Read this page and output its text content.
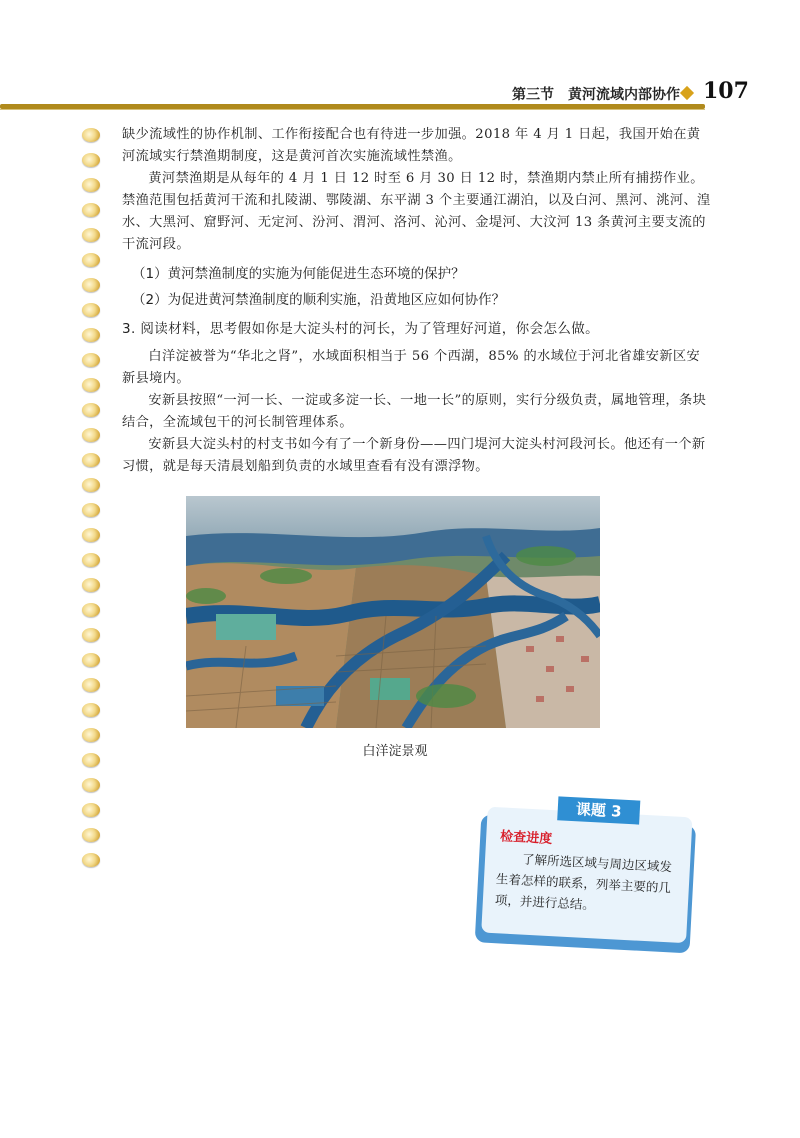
第三节　黄河流域内部协作 107

缺少流域性的协作机制、工作衔接配合也有待进一步加强。2018 年 4 月 1 日起，我国开始在黄河流域实行禁渔期制度，这是黄河首次实施流域性禁渔。

黄河禁渔期是从每年的 4 月 1 日 12 时至 6 月 30 日 12 时，禁渔期内禁止所有捕捞作业。禁渔范围包括黄河干流和扎陵湖、鄂陵湖、东平湖 3 个主要通江湖泊，以及白河、黑河、洮河、湟水、大黑河、窟野河、无定河、汾河、渭河、洛河、沁河、金堤河、大汶河 13 条黄河主要支流的干流河段。

（1）黄河禁渔制度的实施为何能促进生态环境的保护？
（2）为促进黄河禁渔制度的顺利实施，沿黄地区应如何协作？
3. 阅读材料，思考假如你是大淀头村的河长，为了管理好河道，你会怎么做。

白洋淀被誉为“华北之肾”，水域面积相当于 56 个西湖，85% 的水域位于河北省雄安新区安新县境内。

安新县按照“一河一长、一淀或多淀一长、一地一长”的原则，实行分级负责，属地管理，条块结合，全流域包干的河长制管理体系。

安新县大淀头村的村支书如今有了一个新身份——四门堤河大淀头村河段河长。他还有一个新习惯，就是每天清晨划船到负责的水域里查看有没有漂浮物。

白洋淀景观
课题 3
检查进度
了解所选区域与周边区域发生着怎样的联系，列举主要的几项，并进行总结。
